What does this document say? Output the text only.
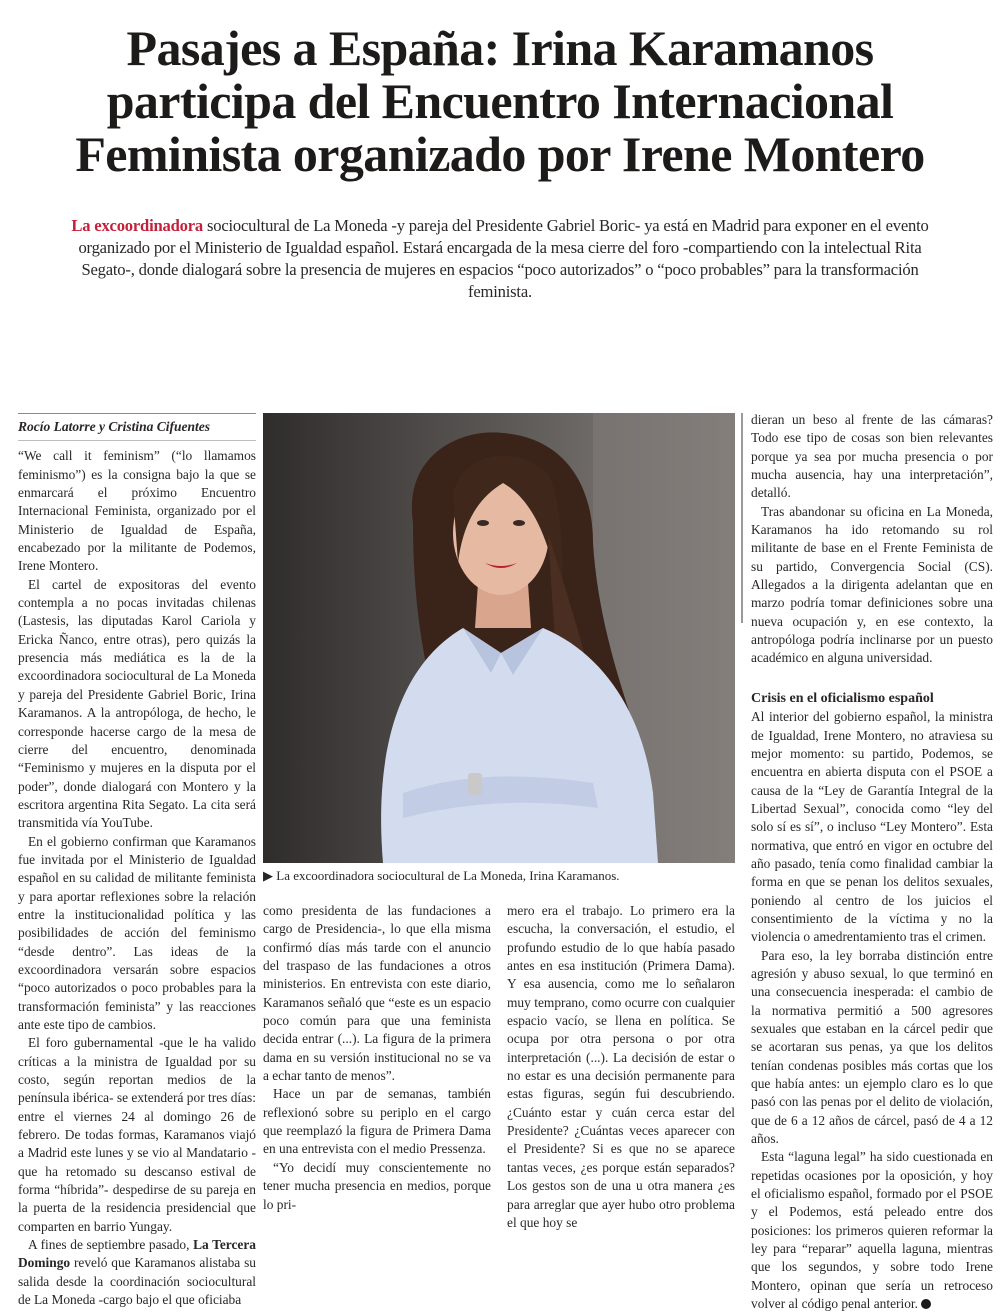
Pasajes a España: Irina Karamanos
participa del Encuentro Internacional
Feminista organizado por Irene Montero
La excoordinadora sociocultural de La Moneda -y pareja del Presidente Gabriel Boric- ya está en Madrid para exponer en el evento organizado por el Ministerio de Igualdad español. Estará encargada de la mesa cierre del foro -compartiendo con la intelectual Rita Segato-, donde dialogará sobre la presencia de mujeres en espacios “poco autorizados” o “poco probables” para la transformación feminista.
Rocío Latorre y Cristina Cifuentes

“We call it feminism” (“lo llamamos feminismo”) es la consigna bajo la que se enmarcará el próximo Encuentro Internacional Feminista, organizado por el Ministerio de Igualdad de España, encabezado por la militante de Podemos, Irene Montero.

El cartel de expositoras del evento contempla a no pocas invitadas chilenas (Lastesis, las diputadas Karol Cariola y Ericka Ñanco, entre otras), pero quizás la presencia más mediática es la de la excoordinadora sociocultural de La Moneda y pareja del Presidente Gabriel Boric, Irina Karamanos. A la antropóloga, de hecho, le corresponde hacerse cargo de la mesa de cierre del encuentro, denominada “Feminismo y mujeres en la disputa por el poder”, donde dialogará con Montero y la escritora argentina Rita Segato. La cita será transmitida vía YouTube.

En el gobierno confirman que Karamanos fue invitada por el Ministerio de Igualdad español en su calidad de militante feminista y para aportar reflexiones sobre la relación entre la institucionalidad política y las posibilidades de acción del feminismo “desde dentro”. Las ideas de la excoordinadora versarán sobre espacios “poco autorizados o poco probables para la transformación feminista” y las reacciones ante este tipo de cambios.

El foro gubernamental -que le ha valido críticas a la ministra de Igualdad por su costo, según reportan medios de la península ibérica- se extenderá por tres días: entre el viernes 24 al domingo 26 de febrero. De todas formas, Karamanos viajó a Madrid este lunes y se vio al Mandatario -que ha retomado su descanso estival de forma “híbrida”- despedirse de su pareja en la puerta de la residencia presidencial que comparten en barrio Yungay.

A fines de septiembre pasado, La Tercera Domingo reveló que Karamanos alistaba su salida desde la coordinación sociocultural de La Moneda -cargo bajo el que oficiaba

▶ La excoordinadora sociocultural de La Moneda, Irina Karamanos.

como presidenta de las fundaciones a cargo de Presidencia-, lo que ella misma confirmó días más tarde con el anuncio del traspaso de las fundaciones a otros ministerios. En entrevista con este diario, Karamanos señaló que “este es un espacio poco común para que una feminista decida entrar (...). La figura de la primera dama en su versión institucional no se va a echar tanto de menos”.

Hace un par de semanas, también reflexionó sobre su periplo en el cargo que reemplazó la figura de Primera Dama en una entrevista con el medio Pressenza.

“Yo decidí muy conscientemente no tener mucha presencia en medios, porque lo pri-

mero era el trabajo. Lo primero era la escucha, la conversación, el estudio, el profundo estudio de lo que había pasado antes en esa institución (Primera Dama). Y esa ausencia, como me lo señalaron muy temprano, como ocurre con cualquier espacio vacío, se llena en política. Se ocupa por otra persona o por otra interpretación (...). La decisión de estar o no estar es una decisión permanente para estas figuras, según fui descubriendo. ¿Cuánto estar y cuán cerca estar del Presidente? ¿Cuántas veces aparecer con el Presidente? Si es que no se aparece tantas veces, ¿es porque están separados? Los gestos son de una u otra manera ¿es para arreglar que ayer hubo otro problema el que hoy se

dieran un beso al frente de las cámaras? Todo ese tipo de cosas son bien relevantes porque ya sea por mucha presencia o por mucha ausencia, hay una interpretación”, detalló.

Tras abandonar su oficina en La Moneda, Karamanos ha ido retomando su rol militante de base en el Frente Feminista de su partido, Convergencia Social (CS). Allegados a la dirigenta adelantan que en marzo podría tomar definiciones sobre una nueva ocupación y, en ese contexto, la antropóloga podría inclinarse por un puesto académico en alguna universidad.

Crisis en el oficialismo español

Al interior del gobierno español, la ministra de Igualdad, Irene Montero, no atraviesa su mejor momento: su partido, Podemos, se encuentra en abierta disputa con el PSOE a causa de la “Ley de Garantía Integral de la Libertad Sexual”, conocida como “ley del solo sí es sí”, o incluso “Ley Montero”. Esta normativa, que entró en vigor en octubre del año pasado, tenía como finalidad cambiar la forma en que se penan los delitos sexuales, poniendo al centro de los juicios el consentimiento de la víctima y no la violencia o amedrentamiento tras el crimen.

Para eso, la ley borraba distinción entre agresión y abuso sexual, lo que terminó en una consecuencia inesperada: el cambio de la normativa permitió a 500 agresores sexuales que estaban en la cárcel pedir que se acortaran sus penas, ya que los delitos tenían condenas posibles más cortas que los que había antes: un ejemplo claro es lo que pasó con las penas por el delito de violación, que de 6 a 12 años de cárcel, pasó de 4 a 12 años.

Esta “laguna legal” ha sido cuestionada en repetidas ocasiones por la oposición, y hoy el oficialismo español, formado por el PSOE y el Podemos, está peleado entre dos posiciones: los primeros quieren reformar la ley para “reparar” aquella laguna, mientras que los segundos, y sobre todo Irene Montero, opinan que sería un retroceso volver al código penal anterior.
